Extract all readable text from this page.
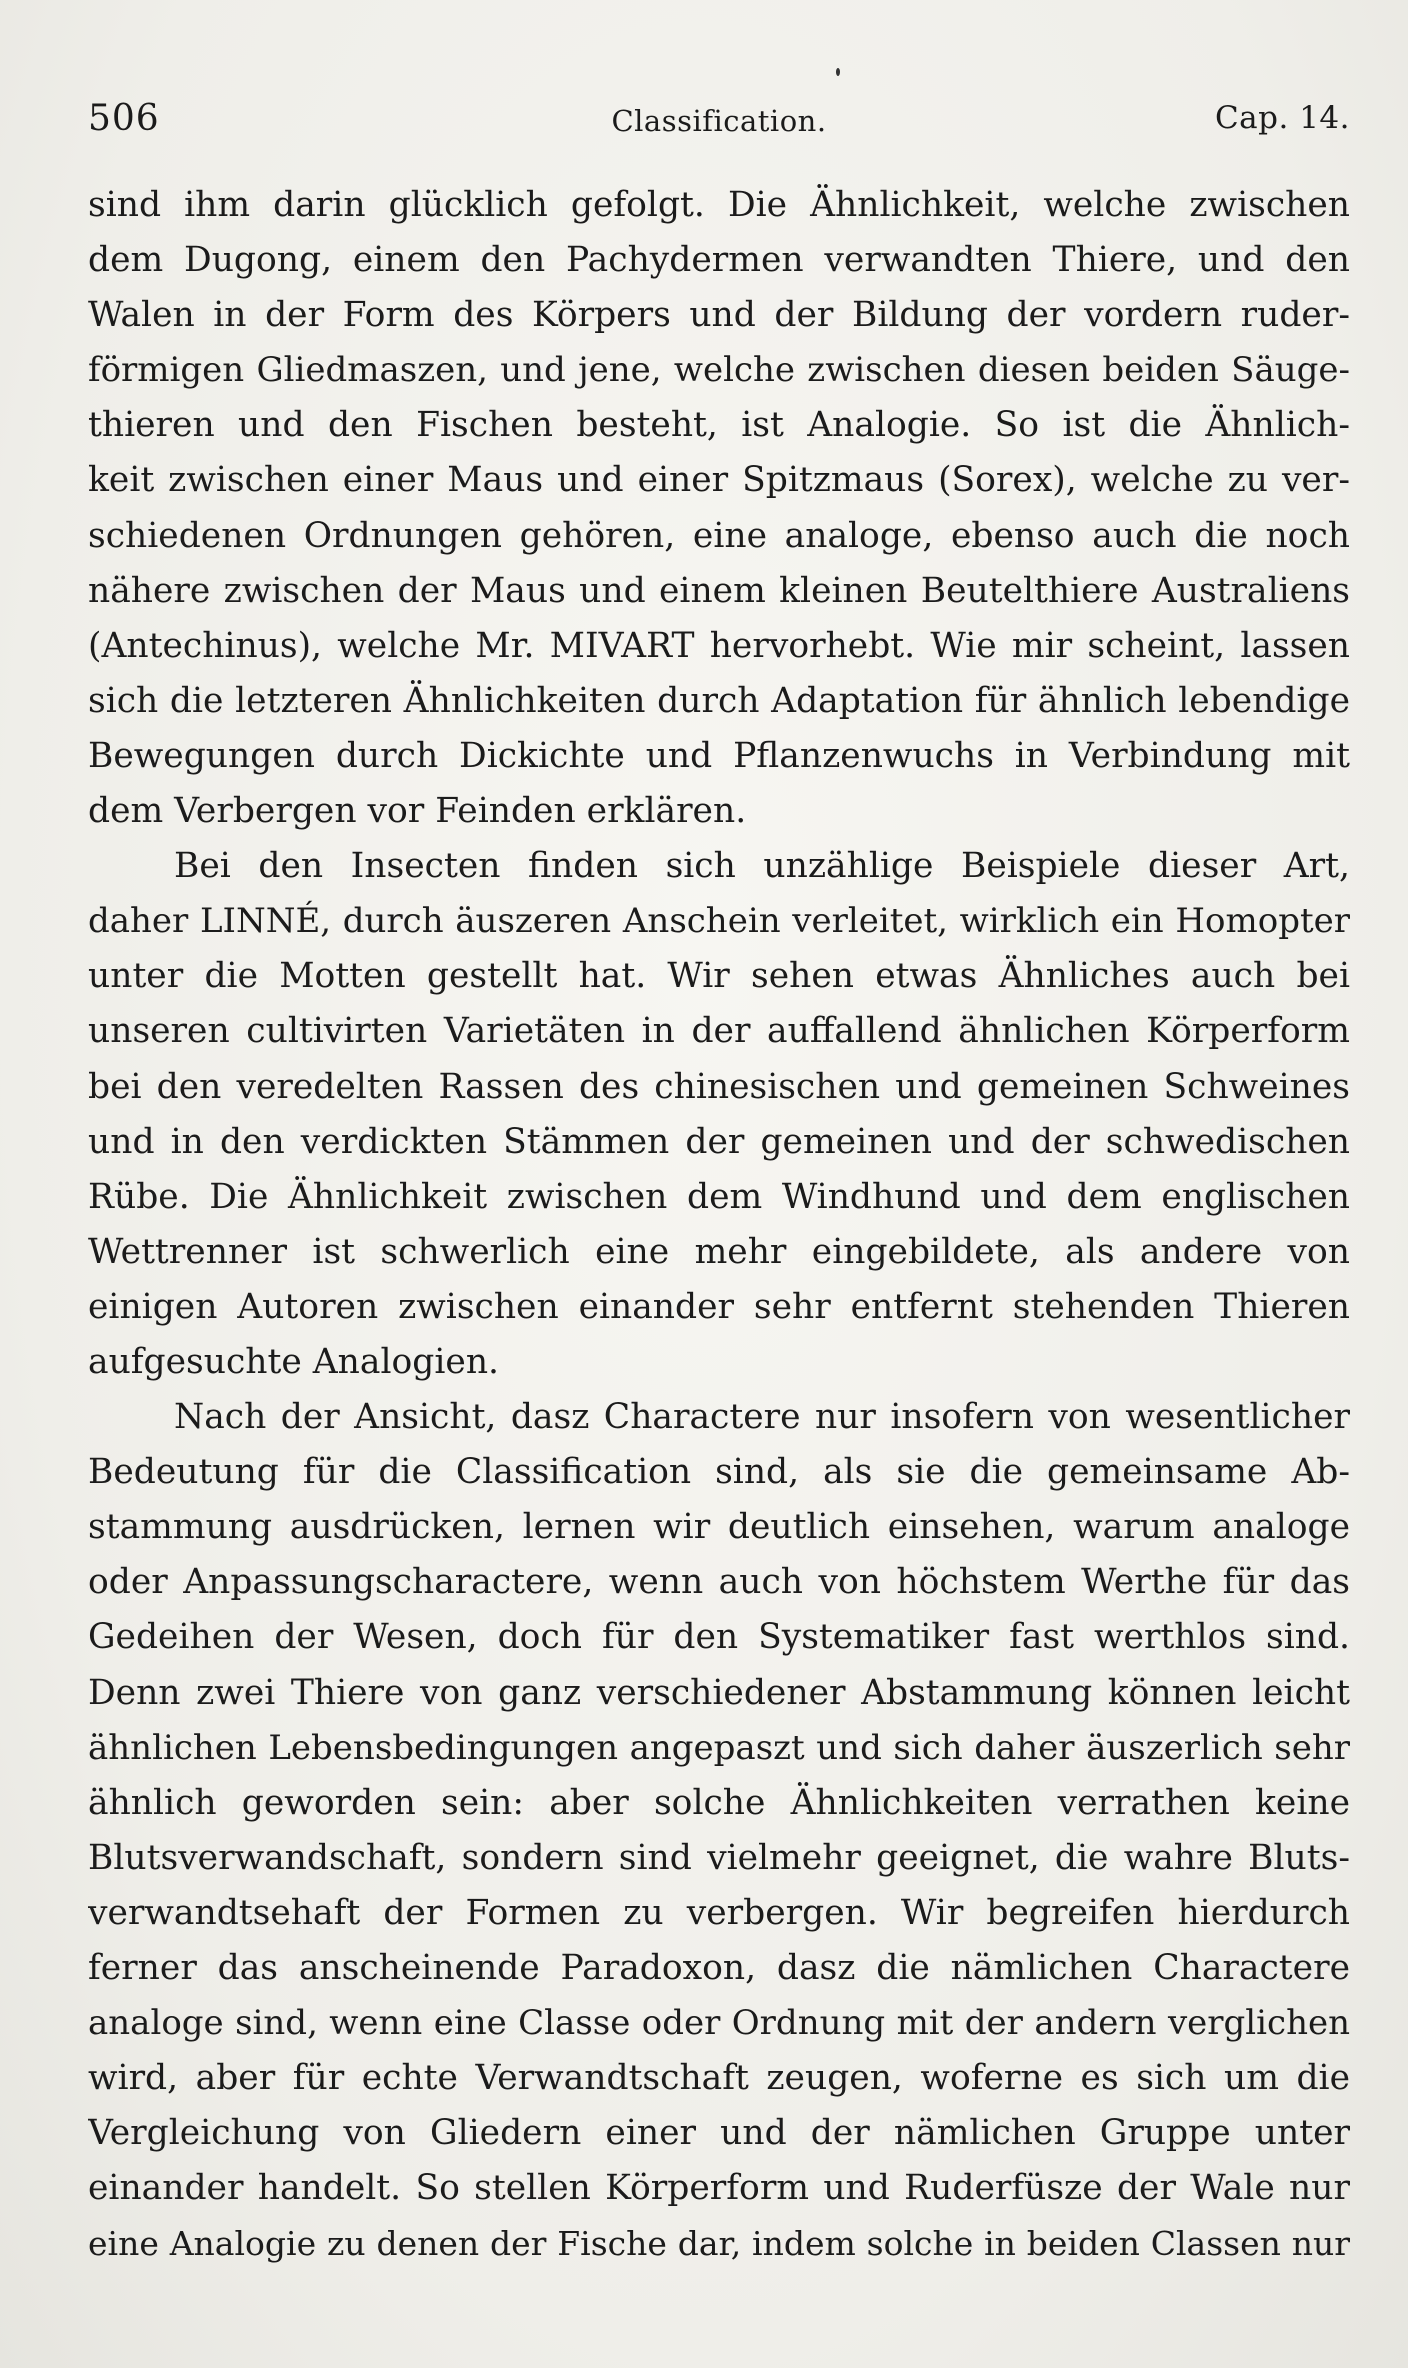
506	Classification.	Cap. 14.
sind ihm darin glücklich gefolgt. Die Ähnlichkeit, welche zwischen
dem Dugong, einem den Pachydermen verwandten Thiere, und den
Walen in der Form des Körpers und der Bildung der vordern ruder-
förmigen Gliedmaszen, und jene, welche zwischen diesen beiden Säuge-
thieren und den Fischen besteht, ist Analogie. So ist die Ähnlich-
keit zwischen einer Maus und einer Spitzmaus (Sorex), welche zu ver-
schiedenen Ordnungen gehören, eine analoge, ebenso auch die noch
nähere zwischen der Maus und einem kleinen Beutelthiere Australiens
(Antechinus), welche Mr. MIVART hervorhebt. Wie mir scheint, lassen
sich die letzteren Ähnlichkeiten durch Adaptation für ähnlich lebendige
Bewegungen durch Dickichte und Pflanzenwuchs in Verbindung mit
dem Verbergen vor Feinden erklären.
Bei den Insecten finden sich unzählige Beispiele dieser Art,
daher LINNÉ, durch äuszeren Anschein verleitet, wirklich ein Homopter
unter die Motten gestellt hat. Wir sehen etwas Ähnliches auch bei
unseren cultivirten Varietäten in der auffallend ähnlichen Körperform
bei den veredelten Rassen des chinesischen und gemeinen Schweines
und in den verdickten Stämmen der gemeinen und der schwedischen
Rübe. Die Ähnlichkeit zwischen dem Windhund und dem englischen
Wettrenner ist schwerlich eine mehr eingebildete, als andere von
einigen Autoren zwischen einander sehr entfernt stehenden Thieren
aufgesuchte Analogien.
Nach der Ansicht, dasz Charactere nur insofern von wesentlicher
Bedeutung für die Classification sind, als sie die gemeinsame Ab-
stammung ausdrücken, lernen wir deutlich einsehen, warum analoge
oder Anpassungscharactere, wenn auch von höchstem Werthe für das
Gedeihen der Wesen, doch für den Systematiker fast werthlos sind.
Denn zwei Thiere von ganz verschiedener Abstammung können leicht
ähnlichen Lebensbedingungen angepaszt und sich daher äuszerlich sehr
ähnlich geworden sein: aber solche Ähnlichkeiten verrathen keine
Blutsverwandschaft, sondern sind vielmehr geeignet, die wahre Bluts-
verwandtsehaft der Formen zu verbergen. Wir begreifen hierdurch
ferner das anscheinende Paradoxon, dasz die nämlichen Charactere
analoge sind, wenn eine Classe oder Ordnung mit der andern verglichen
wird, aber für echte Verwandtschaft zeugen, woferne es sich um die
Vergleichung von Gliedern einer und der nämlichen Gruppe unter
einander handelt. So stellen Körperform und Ruderfüsze der Wale nur
eine Analogie zu denen der Fische dar, indem solche in beiden Classen nur
